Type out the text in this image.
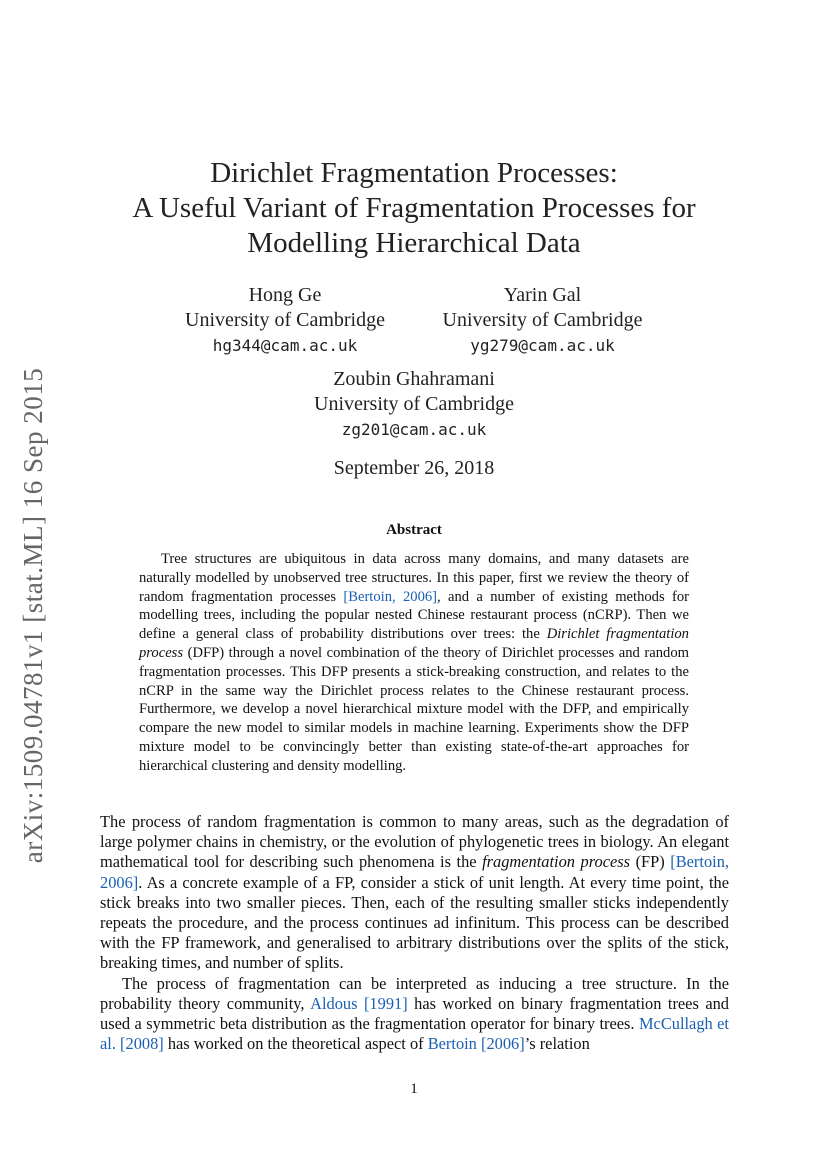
arXiv:1509.04781v1 [stat.ML] 16 Sep 2015
Dirichlet Fragmentation Processes:
A Useful Variant of Fragmentation Processes for
Modelling Hierarchical Data
Hong Ge
University of Cambridge
hg344@cam.ac.uk
Yarin Gal
University of Cambridge
yg279@cam.ac.uk
Zoubin Ghahramani
University of Cambridge
zg201@cam.ac.uk
September 26, 2018
Abstract

Tree structures are ubiquitous in data across many domains, and many datasets are naturally modelled by unobserved tree structures. In this paper, first we review the theory of random fragmentation processes [Bertoin, 2006], and a number of existing methods for modelling trees, including the popular nested Chinese restaurant process (nCRP). Then we define a general class of probability distributions over trees: the Dirichlet fragmentation process (DFP) through a novel combination of the theory of Dirichlet processes and random fragmentation processes. This DFP presents a stick-breaking construction, and relates to the nCRP in the same way the Dirichlet process relates to the Chinese restaurant process. Furthermore, we develop a novel hierarchical mixture model with the DFP, and empirically compare the new model to similar models in machine learning. Experiments show the DFP mixture model to be convincingly better than existing state-of-the-art approaches for hierarchical clustering and density modelling.

The process of random fragmentation is common to many areas, such as the degradation of large polymer chains in chemistry, or the evolution of phylogenetic trees in biology. An elegant mathematical tool for describing such phenomena is the fragmentation process (FP) [Bertoin, 2006]. As a concrete example of a FP, consider a stick of unit length. At every time point, the stick breaks into two smaller pieces. Then, each of the resulting smaller sticks independently repeats the procedure, and the process continues ad infinitum. This process can be described with the FP framework, and generalised to arbitrary distributions over the splits of the stick, breaking times, and number of splits.

The process of fragmentation can be interpreted as inducing a tree structure. In the probability theory community, Aldous [1991] has worked on binary fragmentation trees and used a symmetric beta distribution as the fragmentation operator for binary trees. McCullagh et al. [2008] has worked on the theoretical aspect of Bertoin [2006]’s relation

1
